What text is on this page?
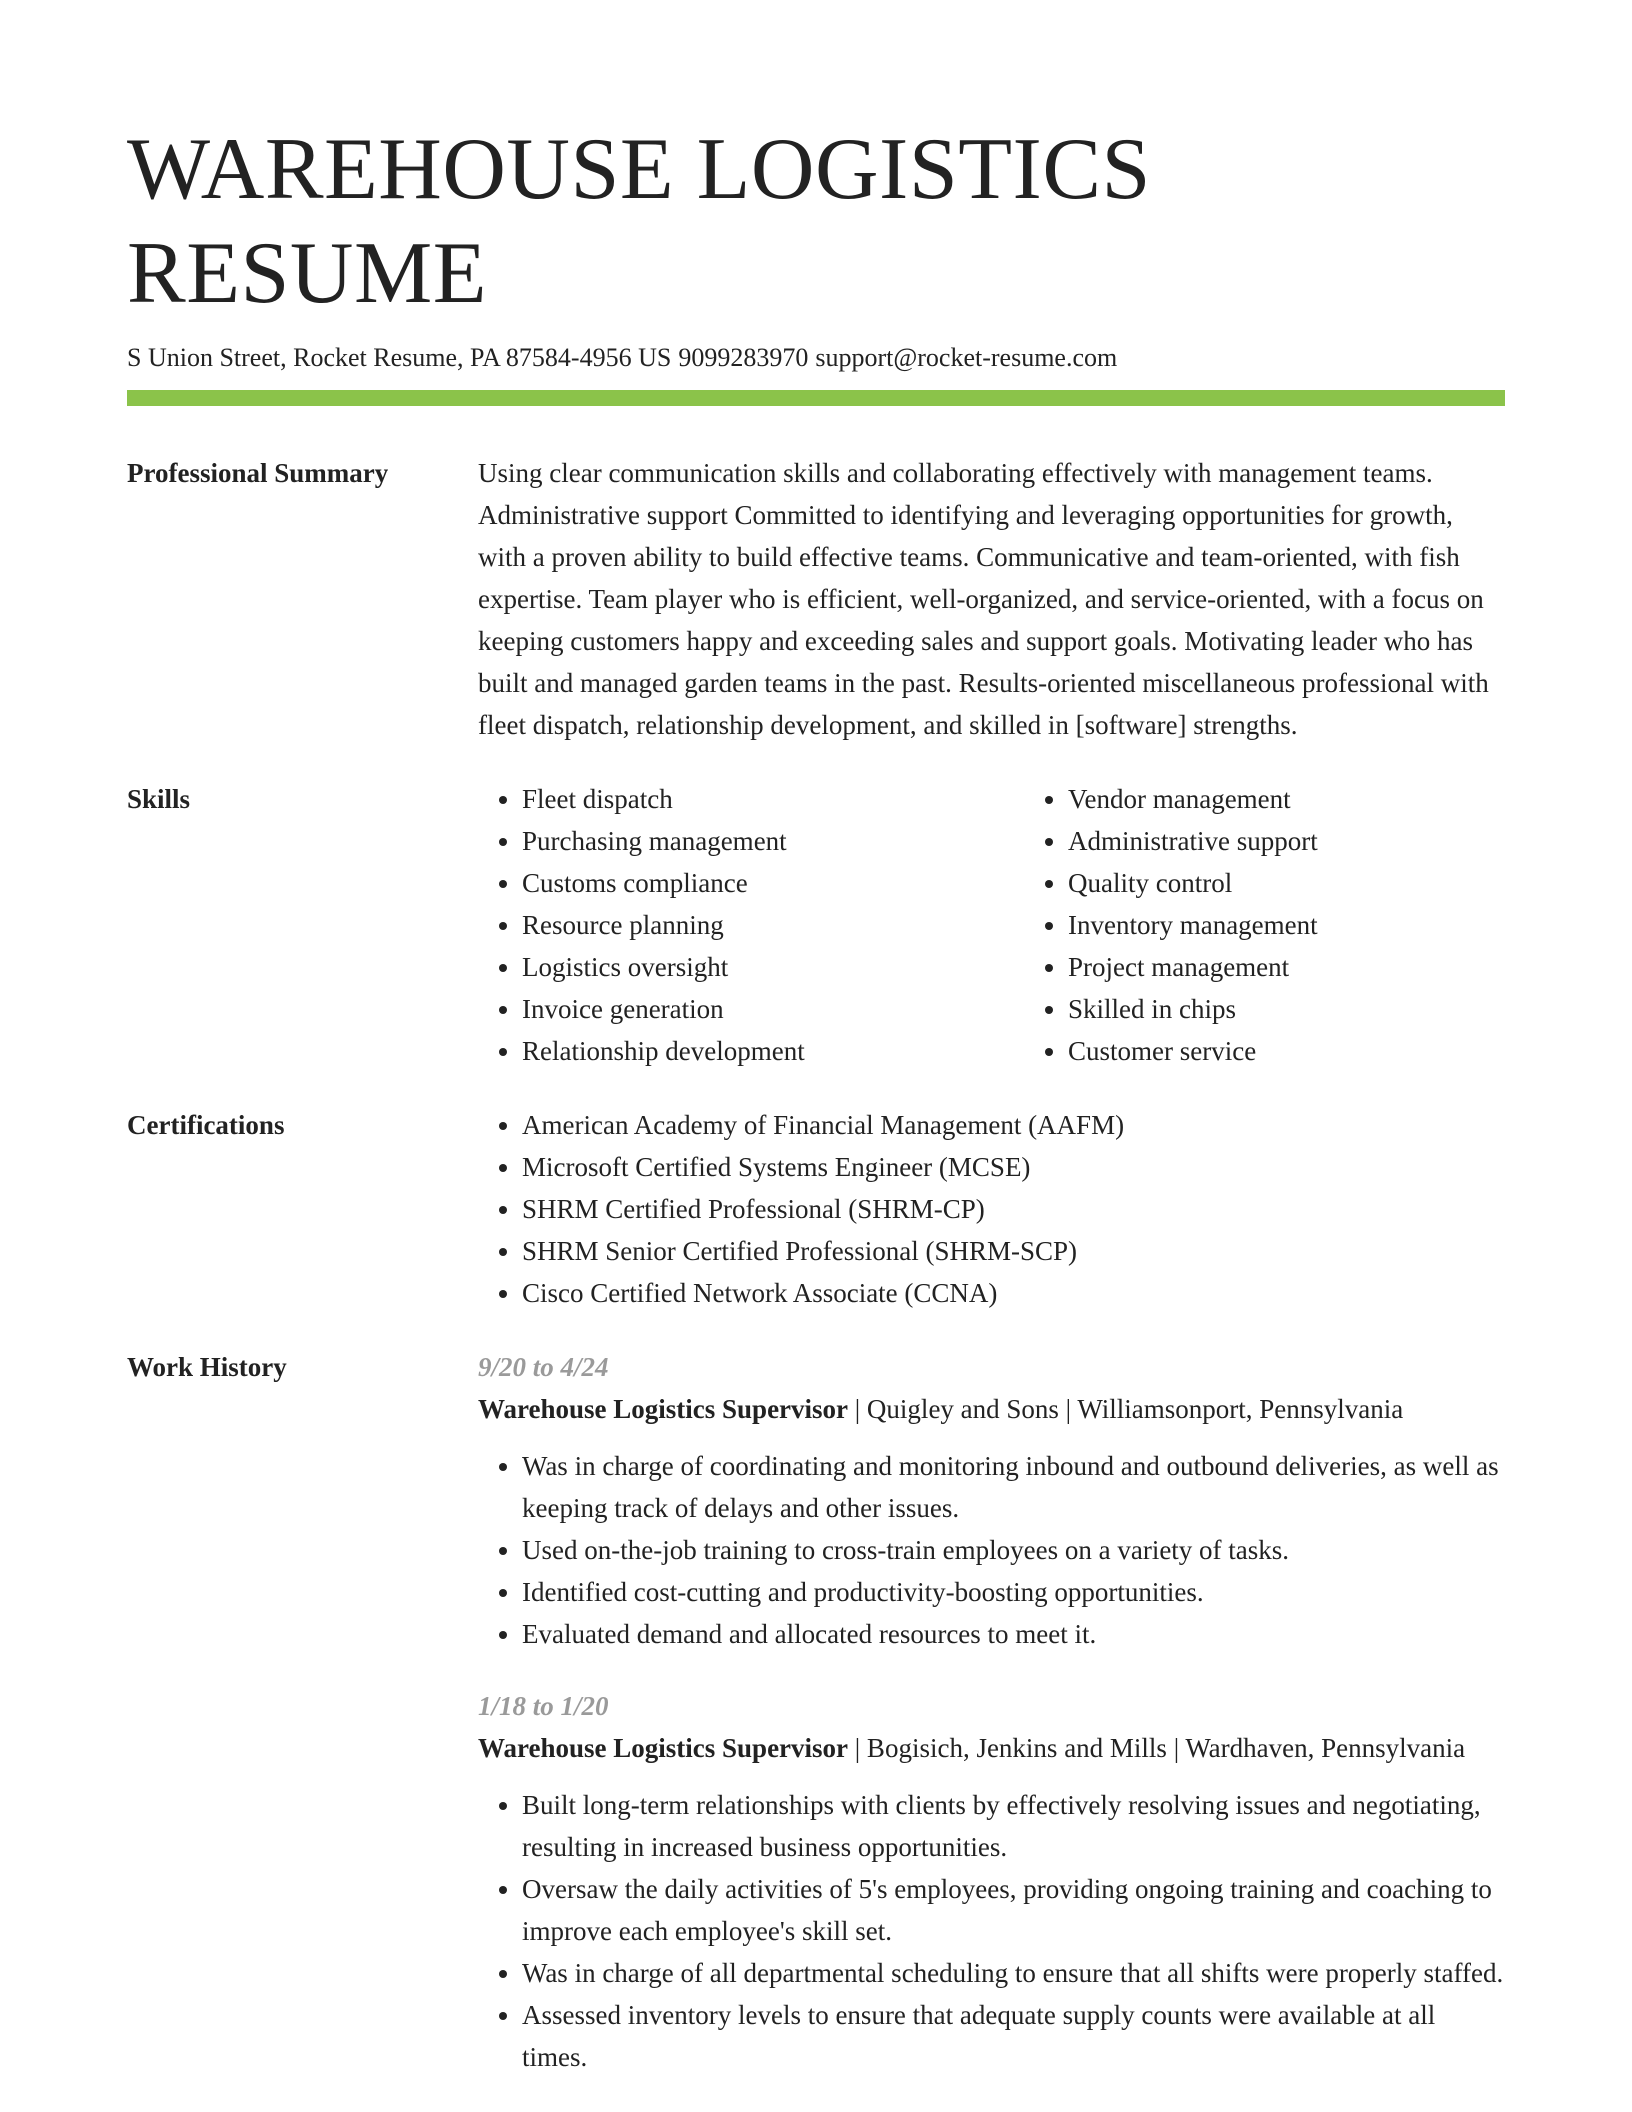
WAREHOUSE LOGISTICS RESUME
S Union Street, Rocket Resume, PA 87584-4956 US 9099283970 support@rocket-resume.com
Professional Summary	Using clear communication skills and collaborating effectively with management teams. Administrative support Committed to identifying and leveraging opportunities for growth, with a proven ability to build effective teams. Communicative and team-oriented, with fish expertise. Team player who is efficient, well-organized, and service-oriented, with a focus on keeping customers happy and exceeding sales and support goals. Motivating leader who has built and managed garden teams in the past. Results-oriented miscellaneous professional with fleet dispatch, relationship development, and skilled in [software] strengths.

Skills	• Fleet dispatch
• Purchasing management
• Customs compliance
• Resource planning
• Logistics oversight
• Invoice generation
• Relationship development
• Vendor management
• Administrative support
• Quality control
• Inventory management
• Project management
• Skilled in chips
• Customer service
Certifications	• American Academy of Financial Management (AAFM)
• Microsoft Certified Systems Engineer (MCSE)
• SHRM Certified Professional (SHRM-CP)
• SHRM Senior Certified Professional (SHRM-SCP)
• Cisco Certified Network Associate (CCNA)
Work History	9/20 to 4/24
Warehouse Logistics Supervisor | Quigley and Sons | Williamsonport, Pennsylvania
• Was in charge of coordinating and monitoring inbound and outbound deliveries, as well as keeping track of delays and other issues.
• Used on-the-job training to cross-train employees on a variety of tasks.
• Identified cost-cutting and productivity-boosting opportunities.
• Evaluated demand and allocated resources to meet it.
1/18 to 1/20
Warehouse Logistics Supervisor | Bogisich, Jenkins and Mills | Wardhaven, Pennsylvania
• Built long-term relationships with clients by effectively resolving issues and negotiating, resulting in increased business opportunities.
• Oversaw the daily activities of 5's employees, providing ongoing training and coaching to improve each employee's skill set.
• Was in charge of all departmental scheduling to ensure that all shifts were properly staffed.
• Assessed inventory levels to ensure that adequate supply counts were available at all times.
